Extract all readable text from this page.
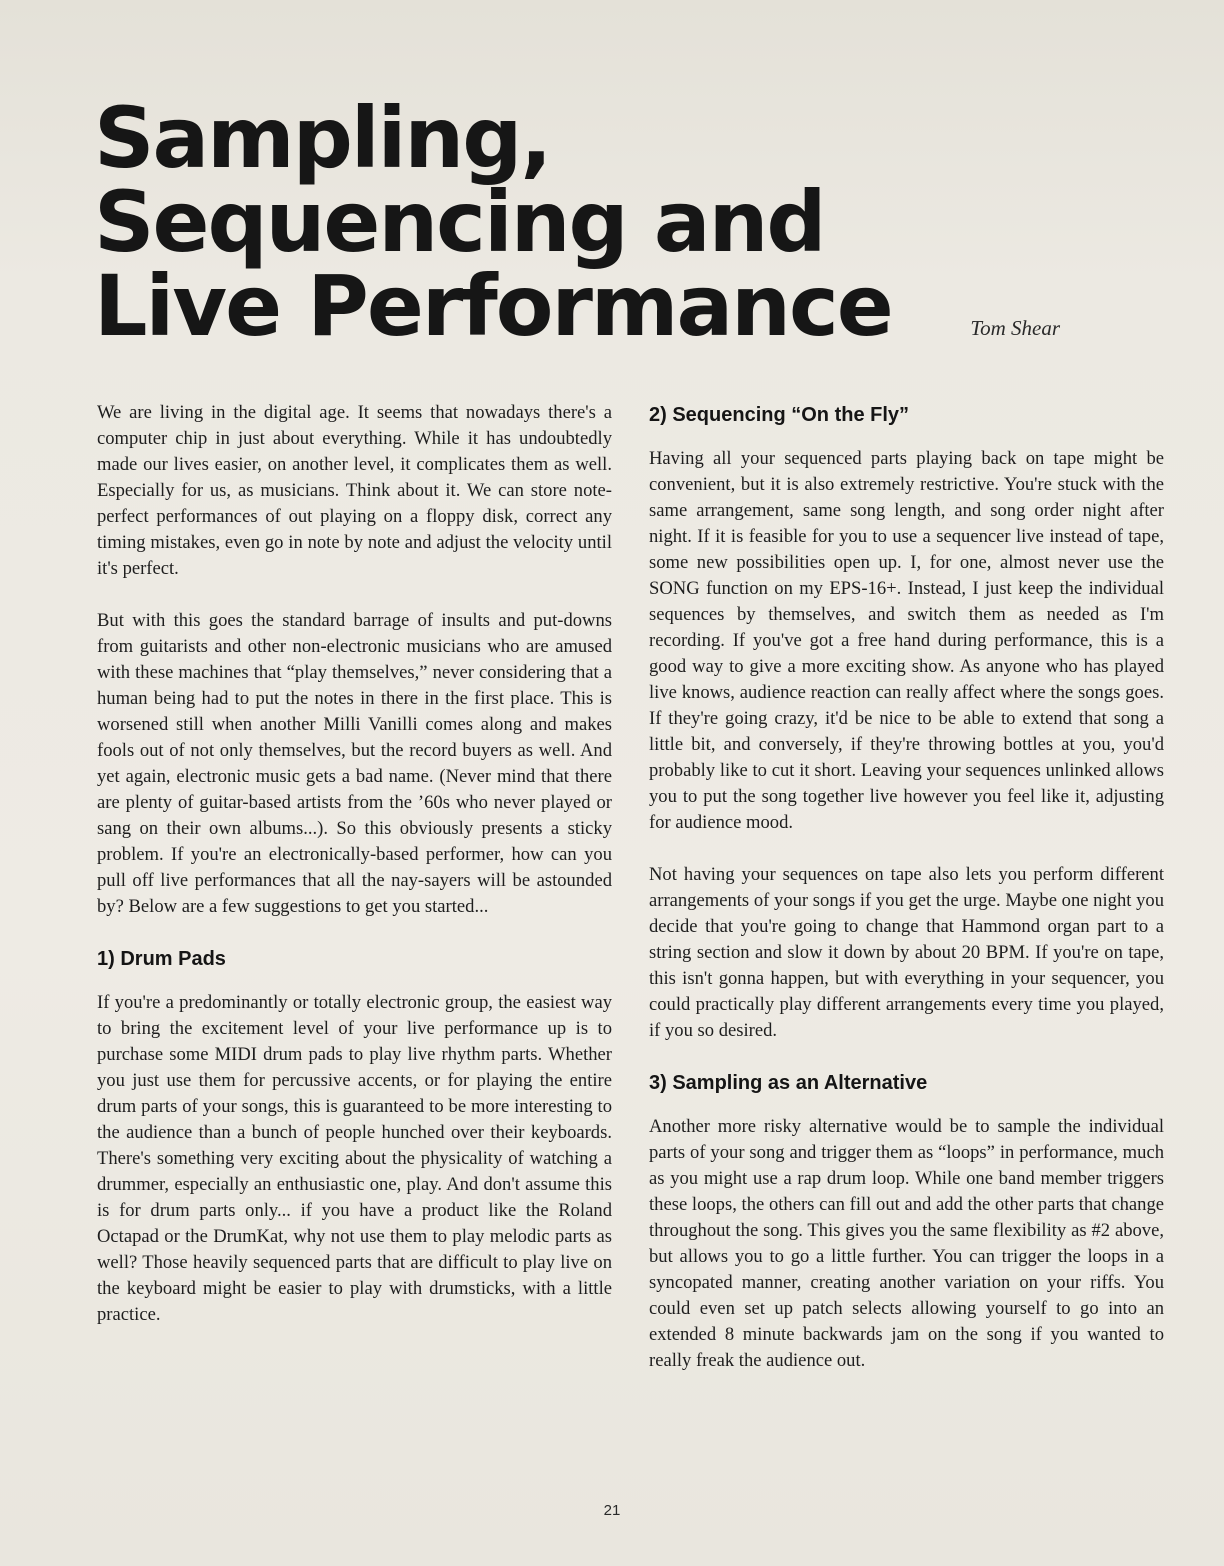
Sampling, Sequencing and
Live Performance	Tom Shear

We are living in the digital age. It seems that nowadays there's a computer chip in just about everything. While it has undoubtedly made our lives easier, on another level, it complicates them as well. Especially for us, as musicians. Think about it. We can store note-perfect performances of out playing on a floppy disk, correct any timing mistakes, even go in note by note and adjust the velocity until it's perfect.

But with this goes the standard barrage of insults and put-downs from guitarists and other non-electronic musicians who are amused with these machines that “play themselves,” never considering that a human being had to put the notes in there in the first place. This is worsened still when another Milli Vanilli comes along and makes fools out of not only themselves, but the record buyers as well. And yet again, electronic music gets a bad name. (Never mind that there are plenty of guitar-based artists from the ’60s who never played or sang on their own albums...). So this obviously presents a sticky problem. If you're an electronically-based performer, how can you pull off live performances that all the nay-sayers will be astounded by? Below are a few suggestions to get you started...

1) Drum Pads

If you're a predominantly or totally electronic group, the easiest way to bring the excitement level of your live performance up is to purchase some MIDI drum pads to play live rhythm parts. Whether you just use them for percussive accents, or for playing the entire drum parts of your songs, this is guaranteed to be more interesting to the audience than a bunch of people hunched over their keyboards. There's something very exciting about the physicality of watching a drummer, especially an enthusiastic one, play. And don't assume this is for drum parts only... if you have a product like the Roland Octapad or the DrumKat, why not use them to play melodic parts as well? Those heavily sequenced parts that are difficult to play live on the keyboard might be easier to play with drumsticks, with a little practice.

2) Sequencing “On the Fly”

Having all your sequenced parts playing back on tape might be convenient, but it is also extremely restrictive. You're stuck with the same arrangement, same song length, and song order night after night. If it is feasible for you to use a sequencer live instead of tape, some new possibilities open up. I, for one, almost never use the SONG function on my EPS-16+. Instead, I just keep the individual sequences by themselves, and switch them as needed as I'm recording. If you've got a free hand during performance, this is a good way to give a more exciting show. As anyone who has played live knows, audience reaction can really affect where the songs goes. If they're going crazy, it'd be nice to be able to extend that song a little bit, and conversely, if they're throwing bottles at you, you'd probably like to cut it short. Leaving your sequences unlinked allows you to put the song together live however you feel like it, adjusting for audience mood.

Not having your sequences on tape also lets you perform different arrangements of your songs if you get the urge. Maybe one night you decide that you're going to change that Hammond organ part to a string section and slow it down by about 20 BPM. If you're on tape, this isn't gonna happen, but with everything in your sequencer, you could practically play different arrangements every time you played, if you so desired.

3) Sampling as an Alternative

Another more risky alternative would be to sample the individual parts of your song and trigger them as “loops” in performance, much as you might use a rap drum loop. While one band member triggers these loops, the others can fill out and add the other parts that change throughout the song. This gives you the same flexibility as #2 above, but allows you to go a little further. You can trigger the loops in a syncopated manner, creating another variation on your riffs. You could even set up patch selects allowing yourself to go into an extended 8 minute backwards jam on the song if you wanted to really freak the audience out.

21
